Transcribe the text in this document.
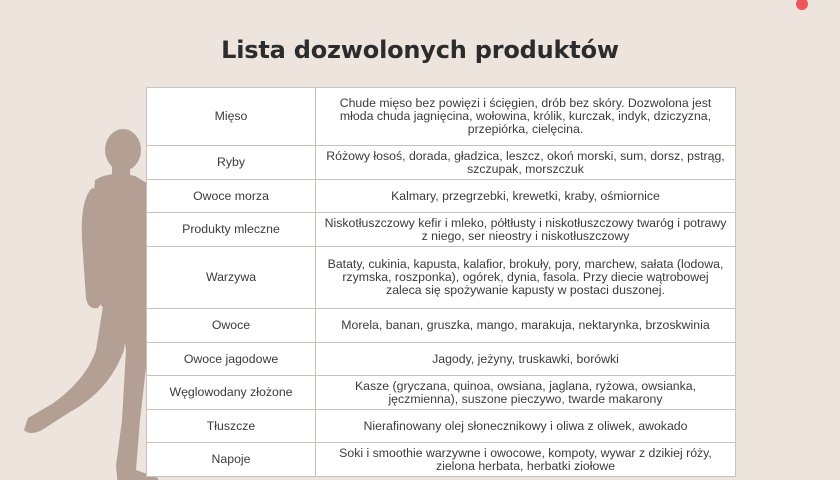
Lista dozwolonych produktów
Mięso	Chude mięso bez powięzi i ścięgien, drób bez skóry. Dozwolona jest młoda chuda jagnięcina, wołowina, królik, kurczak, indyk, dziczyzna, przepiórka, cielęcina.
Ryby	Różowy łosoś, dorada, gładzica, leszcz, okoń morski, sum, dorsz, pstrąg, szczupak, morszczuk
Owoce morza	Kalmary, przegrzebki, krewetki, kraby, ośmiornice
Produkty mleczne	Niskotłuszczowy kefir i mleko, półtłusty i niskotłuszczowy twaróg i potrawy z niego, ser nieostry i niskotłuszczowy
Warzywa	Bataty, cukinia, kapusta, kalafior, brokuły, pory, marchew, sałata (lodowa, rzymska, roszponka), ogórek, dynia, fasola. Przy diecie wątrobowej zaleca się spożywanie kapusty w postaci duszonej.
Owoce	Morela, banan, gruszka, mango, marakuja, nektarynka, brzoskwinia
Owoce jagodowe	Jagody, jeżyny, truskawki, borówki
Węglowodany złożone	Kasze (gryczana, quinoa, owsiana, jaglana, ryżowa, owsianka, jęczmienna), suszone pieczywo, twarde makarony
Tłuszcze	Nierafinowany olej słonecznikowy i oliwa z oliwek, awokado
Napoje	Soki i smoothie warzywne i owocowe, kompoty, wywar z dzikiej róży, zielona herbata, herbatki ziołowe
